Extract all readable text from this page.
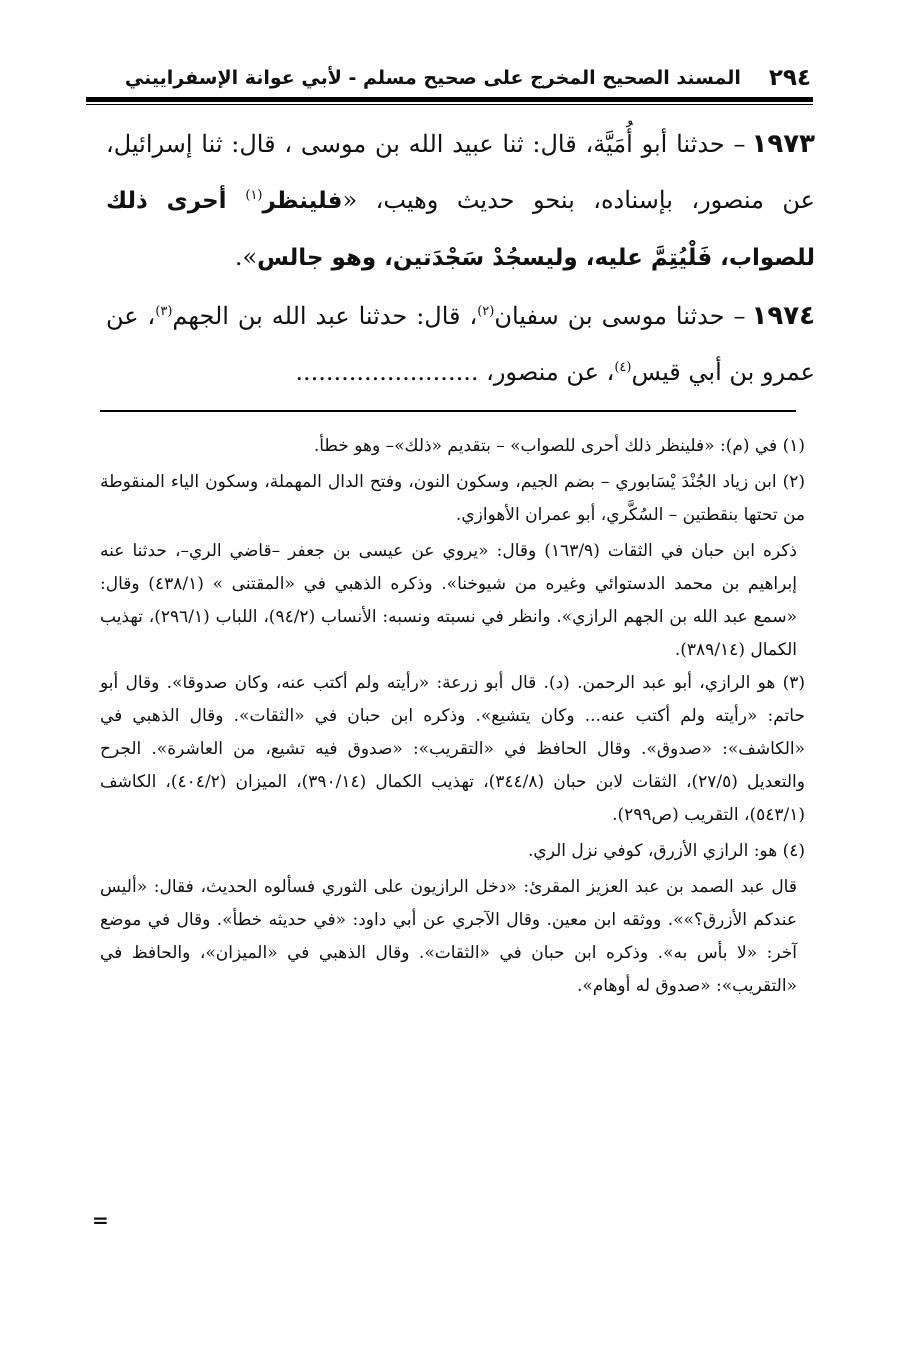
٢٩٤
المسند الصحيح المخرج على صحيح مسلم - لأبي عوانة الإسفراييني

١٩٧٣– حدثنا أبو أُمَيَّة، قال: ثنا عبيد الله بن موسى ، قال: ثنا إسرائيل، عن منصور، بإسناده، بنحو حديث وهيب، «فلينظر$^{(١)}$ أحرى ذلك للصواب، فَلْيُتِمَّ عليه، وليسجُدْ سَجْدَتين، وهو جالس».

١٩٧٤– حدثنا موسى بن سفيان$^{(٢)}$، قال: حدثنا عبد الله بن الجهم$^{(٣)}$، عن عمرو بن أبي قيس$^{(٤)}$، عن منصور، ........................

(١) في (م): «فلينظر ذلك أحرى للصواب» – بتقديم «ذلك»– وهو خطأ.

(٢) ابن زياد الجُنْدَ يْسَابوري – بضم الجيم، وسكون النون، وفتح الدال المهملة، وسكون الياء المنقوطة من تحتها بنقطتين – السُكَّري، أبو عمران الأهوازي.

ذكره ابن حبان في الثقات (١٦٣/٩) وقال: «يروي عن عيسى بن جعفر –قاضي الري–، حدثنا عنه إبراهيم بن محمد الدستوائي وغيره من شيوخنا». وذكره الذهبي في «المقتنى » (٤٣٨/١) وقال: «سمع عبد الله بن الجهم الرازي». وانظر في نسبته ونسبه: الأنساب (٩٤/٢)، اللباب (٢٩٦/١)، تهذيب الكمال (٣٨٩/١٤).

(٣) هو الرازي، أبو عبد الرحمن. (د). قال أبو زرعة: «رأيته ولم أكتب عنه، وكان صدوقا». وقال أبو حاتم: «رأيته ولم أكتب عنه... وكان يتشيع». وذكره ابن حبان في «الثقات». وقال الذهبي في «الكاشف»: «صدوق». وقال الحافظ في «التقريب»: «صدوق فيه تشيع، من العاشرة». الجرح والتعديل (٢٧/٥)، الثقات لابن حبان (٣٤٤/٨)، تهذيب الكمال (٣٩٠/١٤)، الميزان (٤٠٤/٢)، الكاشف (٥٤٣/١)، التقريب (ص٢٩٩).

(٤) هو: الرازي الأزرق، كوفي نزل الري.

قال عبد الصمد بن عبد العزيز المقرئ: «دخل الرازيون على الثوري فسألوه الحديث، فقال: «أليس عندكم الأزرق؟»». ووثقه ابن معين. وقال الآجري عن أبي داود: «في حديثه خطأ». وقال في موضع آخر: «لا بأس به». وذكره ابن حبان في «الثقات». وقال الذهبي في «الميزان»، والحافظ في «التقريب»: «صدوق له أوهام».

=
